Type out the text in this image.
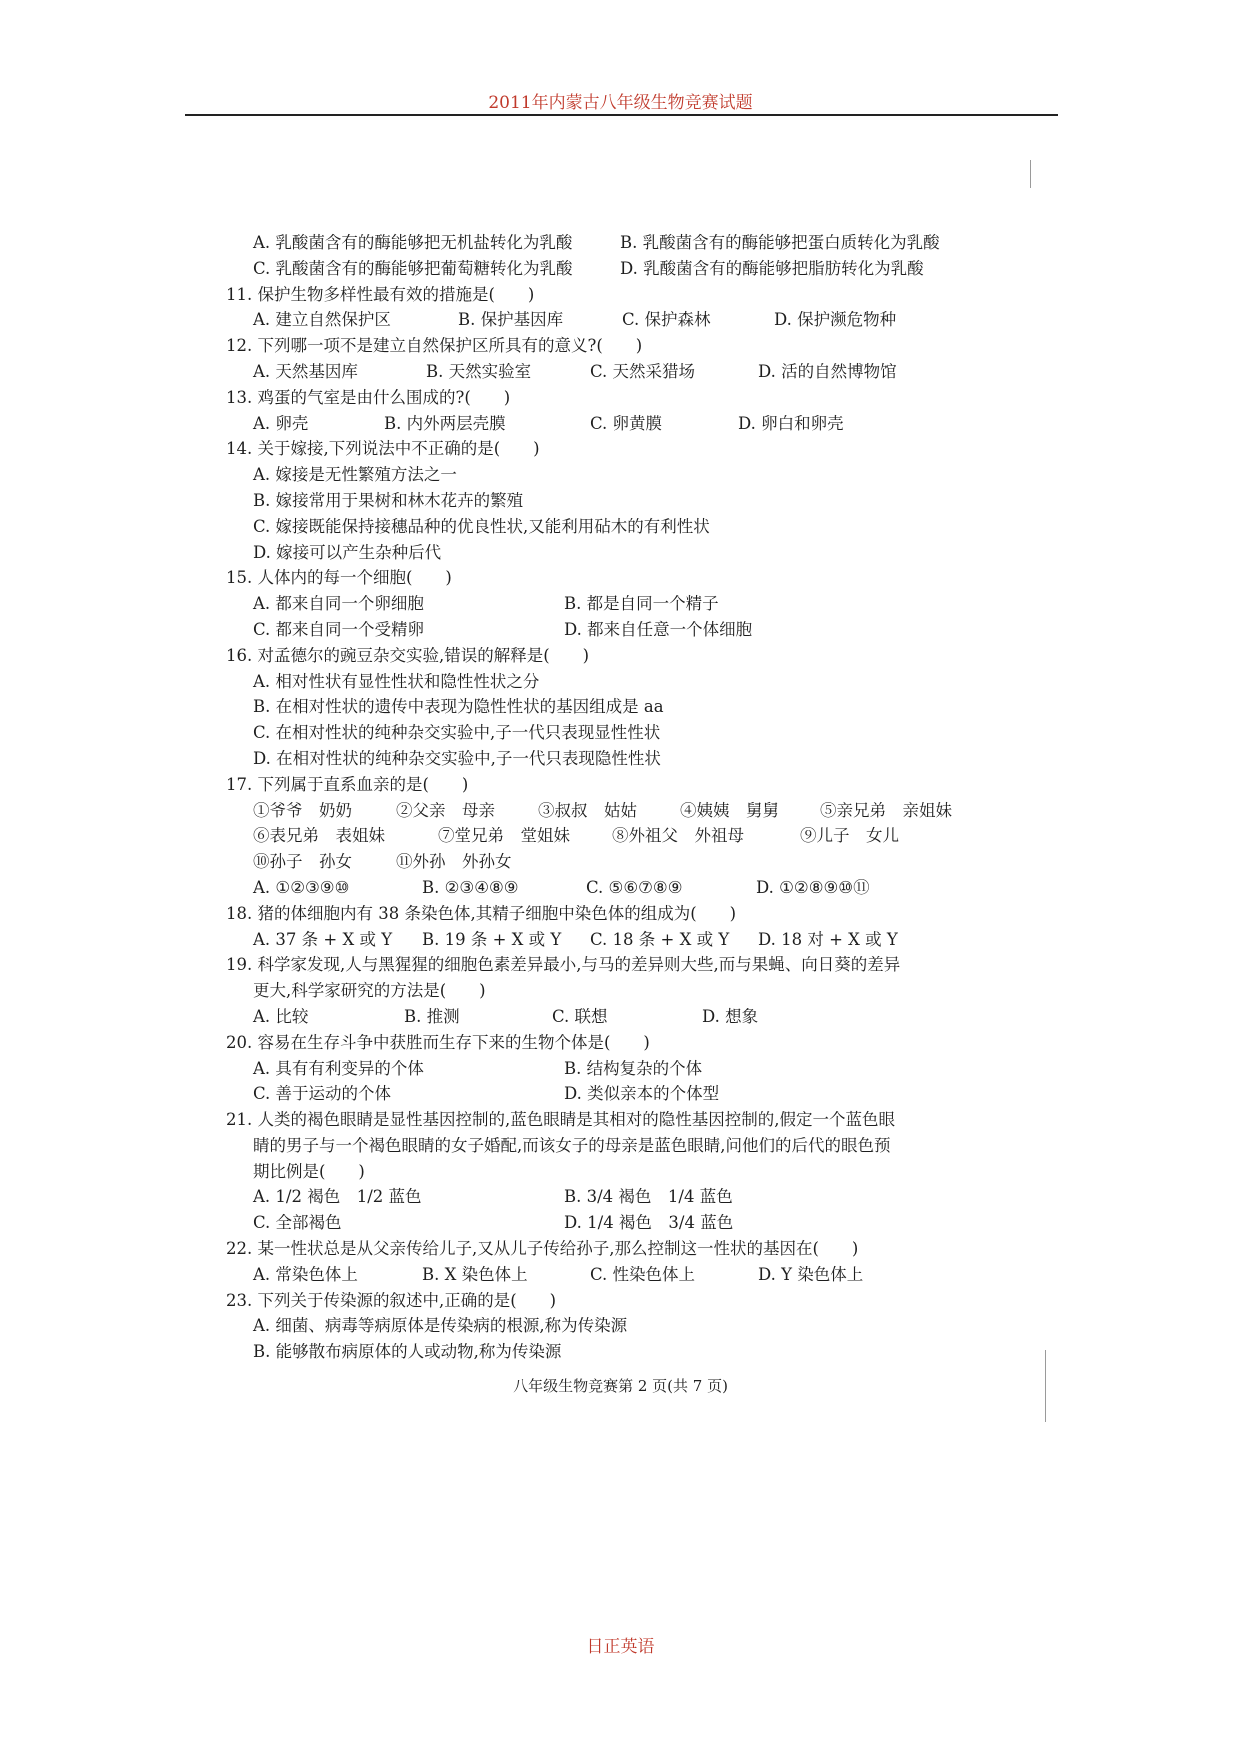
2011年内蒙古八年级生物竞赛试题
A. 乳酸菌含有的酶能够把无机盐转化为乳酸	B. 乳酸菌含有的酶能够把蛋白质转化为乳酸
C. 乳酸菌含有的酶能够把葡萄糖转化为乳酸	D. 乳酸菌含有的酶能够把脂肪转化为乳酸
11. 保护生物多样性最有效的措施是(　　)
A. 建立自然保护区	B. 保护基因库	C. 保护森林	D. 保护濒危物种
12. 下列哪一项不是建立自然保护区所具有的意义?(　　)
A. 天然基因库	B. 天然实验室	C. 天然采猎场	D. 活的自然博物馆
13. 鸡蛋的气室是由什么围成的?(　　)
A. 卵壳	B. 内外两层壳膜	C. 卵黄膜	D. 卵白和卵壳
14. 关于嫁接,下列说法中不正确的是(　　)
A. 嫁接是无性繁殖方法之一
B. 嫁接常用于果树和林木花卉的繁殖
C. 嫁接既能保持接穗品种的优良性状,又能利用砧木的有利性状
D. 嫁接可以产生杂种后代
15. 人体内的每一个细胞(　　)
A. 都来自同一个卵细胞	B. 都是自同一个精子
C. 都来自同一个受精卵	D. 都来自任意一个体细胞
16. 对孟德尔的豌豆杂交实验,错误的解释是(　　)
A. 相对性状有显性性状和隐性性状之分
B. 在相对性状的遗传中表现为隐性性状的基因组成是 aa
C. 在相对性状的纯种杂交实验中,子一代只表现显性性状
D. 在相对性状的纯种杂交实验中,子一代只表现隐性性状
17. 下列属于直系血亲的是(　　)
①爷爷　奶奶	②父亲　母亲	③叔叔　姑姑	④姨姨　舅舅 ⑤亲兄弟　亲姐妹
⑥表兄弟　表姐妹	⑦堂兄弟　堂姐妹	⑧外祖父　外祖母	⑨儿子　女儿
⑩孙子　孙女	⑪外孙　外孙女
A. ①②③⑨⑩	B. ②③④⑧⑨	C. ⑤⑥⑦⑧⑨	D. ①②⑧⑨⑩⑪
18. 猪的体细胞内有 38 条染色体,其精子细胞中染色体的组成为(　　)
A. 37 条 + X 或 Y B. 19 条 + X 或 Y C. 18 条 + X 或 Y D. 18 对 + X 或 Y
19. 科学家发现,人与黑猩猩的细胞色素差异最小,与马的差异则大些,而与果蝇、向日葵的差异
更大,科学家研究的方法是(　　)
A. 比较	B. 推测	C. 联想	D. 想象
20. 容易在生存斗争中获胜而生存下来的生物个体是(　　)
A. 具有有利变异的个体	B. 结构复杂的个体
C. 善于运动的个体	D. 类似亲本的个体型
21. 人类的褐色眼睛是显性基因控制的,蓝色眼睛是其相对的隐性基因控制的,假定一个蓝色眼
睛的男子与一个褐色眼睛的女子婚配,而该女子的母亲是蓝色眼睛,问他们的后代的眼色预
期比例是(　　)
A. 1/2 褐色　1/2 蓝色	B. 3/4 褐色　1/4 蓝色
C. 全部褐色	D. 1/4 褐色　3/4 蓝色
22. 某一性状总是从父亲传给儿子,又从儿子传给孙子,那么控制这一性状的基因在(　　)
A. 常染色体上	B. X 染色体上	C. 性染色体上	D. Y 染色体上
23. 下列关于传染源的叙述中,正确的是(　　)
A. 细菌、病毒等病原体是传染病的根源,称为传染源
B. 能够散布病原体的人或动物,称为传染源
八年级生物竞赛第 2 页(共 7 页)
日正英语
